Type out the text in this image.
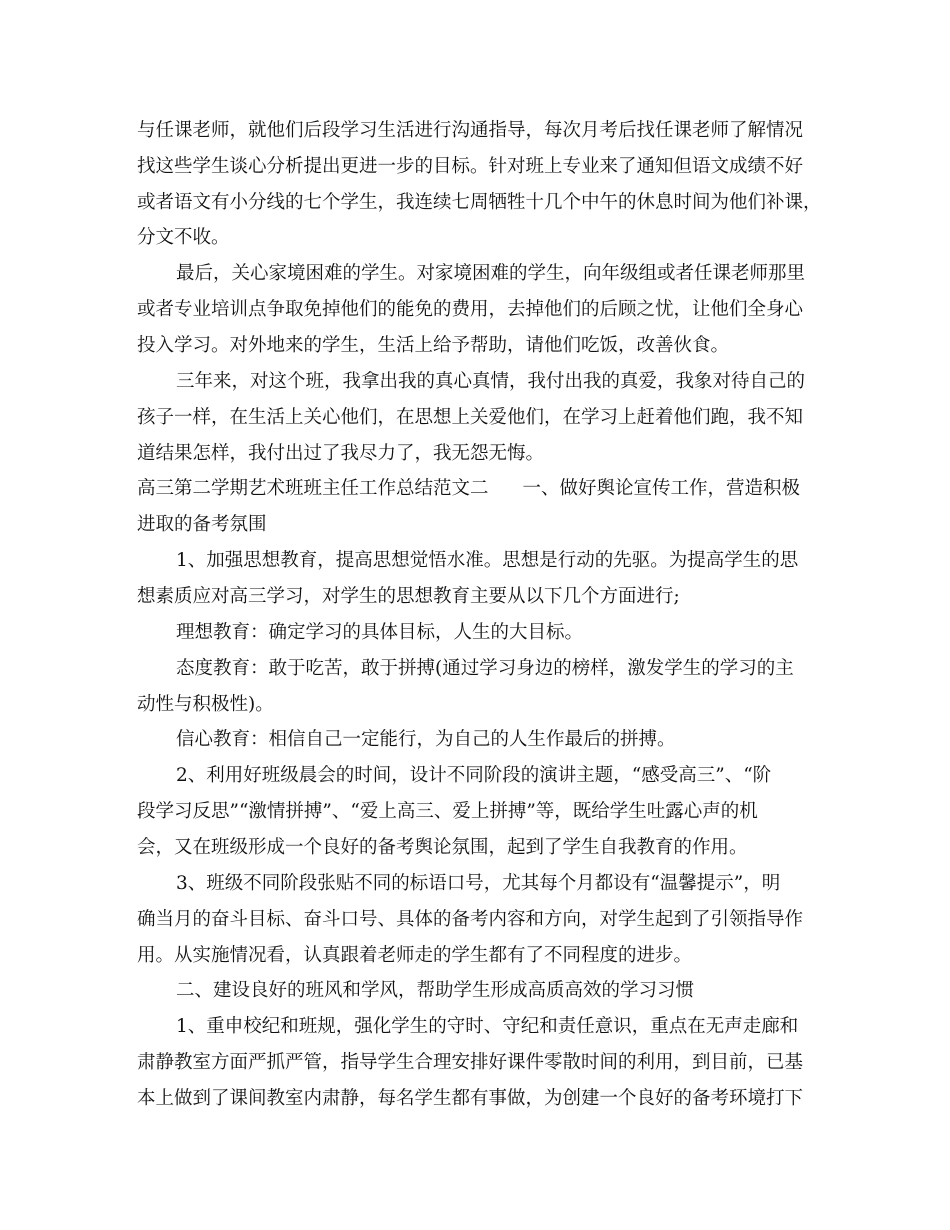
与任课老师，就他们后段学习生活进行沟通指导，每次月考后找任课老师了解情况

找这些学生谈心分析提出更进一步的目标。针对班上专业来了通知但语文成绩不好

或者语文有小分线的七个学生，我连续七周牺牲十几个中午的休息时间为他们补课，

分文不收。

最后，关心家境困难的学生。对家境困难的学生，向年级组或者任课老师那里

或者专业培训点争取免掉他们的能免的费用，去掉他们的后顾之忧，让他们全身心

投入学习。对外地来的学生，生活上给予帮助，请他们吃饭，改善伙食。

三年来，对这个班，我拿出我的真心真情，我付出我的真爱，我象对待自己的

孩子一样，在生活上关心他们，在思想上关爱他们，在学习上赶着他们跑，我不知

道结果怎样，我付出过了我尽力了，我无怨无悔。

高三第二学期艺术班班主任工作总结范文二 一、做好舆论宣传工作，营造积极

进取的备考氛围

1、加强思想教育，提高思想觉悟水准。思想是行动的先驱。为提高学生的思

想素质应对高三学习，对学生的思想教育主要从以下几个方面进行;

理想教育：确定学习的具体目标，人生的大目标。

态度教育：敢于吃苦，敢于拼搏(通过学习身边的榜样，激发学生的学习的主

动性与积极性)。

信心教育：相信自己一定能行，为自己的人生作最后的拼搏。

2、利用好班级晨会的时间，设计不同阶段的演讲主题，“感受高三”、“阶

段学习反思”“激情拼搏”、“爱上高三、爱上拼搏”等，既给学生吐露心声的机

会，又在班级形成一个良好的备考舆论氛围，起到了学生自我教育的作用。

3、班级不同阶段张贴不同的标语口号，尤其每个月都设有“温馨提示”，明

确当月的奋斗目标、奋斗口号、具体的备考内容和方向，对学生起到了引领指导作

用。从实施情况看，认真跟着老师走的学生都有了不同程度的进步。

二、建设良好的班风和学风，帮助学生形成高质高效的学习习惯

1、重申校纪和班规，强化学生的守时、守纪和责任意识，重点在无声走廊和

肃静教室方面严抓严管，指导学生合理安排好课件零散时间的利用，到目前，已基

本上做到了课间教室内肃静，每名学生都有事做，为创建一个良好的备考环境打下
